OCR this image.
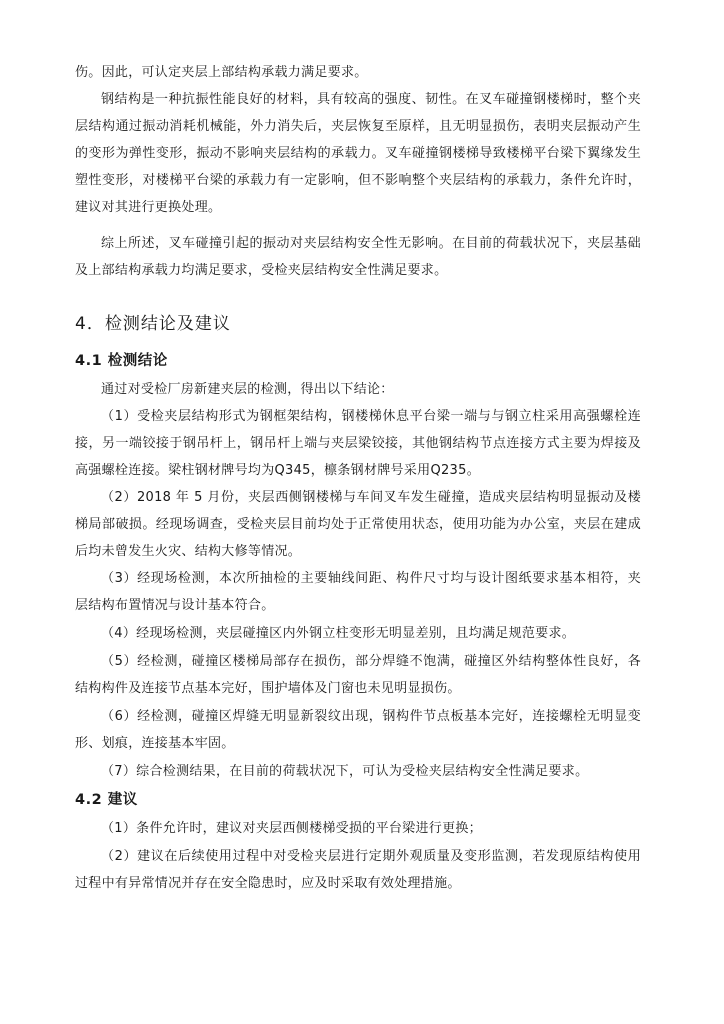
伤。因此，可认定夹层上部结构承载力满足要求。

钢结构是一种抗振性能良好的材料，具有较高的强度、韧性。在叉车碰撞钢楼梯时，整个夹层结构通过振动消耗机械能，外力消失后，夹层恢复至原样，且无明显损伤，表明夹层振动产生的变形为弹性变形，振动不影响夹层结构的承载力。叉车碰撞钢楼梯导致楼梯平台梁下翼缘发生塑性变形，对楼梯平台梁的承载力有一定影响，但不影响整个夹层结构的承载力，条件允许时，建议对其进行更换处理。

综上所述，叉车碰撞引起的振动对夹层结构安全性无影响。在目前的荷载状况下，夹层基础及上部结构承载力均满足要求，受检夹层结构安全性满足要求。

4．检测结论及建议
4.1 检测结论

通过对受检厂房新建夹层的检测，得出以下结论：

（1）受检夹层结构形式为钢框架结构，钢楼梯休息平台梁一端与与钢立柱采用高强螺栓连接，另一端铰接于钢吊杆上，钢吊杆上端与夹层梁铰接，其他钢结构节点连接方式主要为焊接及高强螺栓连接。梁柱钢材牌号均为Q345，檩条钢材牌号采用Q235。

（2）2018 年 5 月份，夹层西侧钢楼梯与车间叉车发生碰撞，造成夹层结构明显振动及楼梯局部破损。经现场调查，受检夹层目前均处于正常使用状态，使用功能为办公室，夹层在建成后均未曾发生火灾、结构大修等情况。

（3）经现场检测，本次所抽检的主要轴线间距、构件尺寸均与设计图纸要求基本相符，夹层结构布置情况与设计基本符合。

（4）经现场检测，夹层碰撞区内外钢立柱变形无明显差别，且均满足规范要求。

（5）经检测，碰撞区楼梯局部存在损伤，部分焊缝不饱满，碰撞区外结构整体性良好，各结构构件及连接节点基本完好，围护墙体及门窗也未见明显损伤。

（6）经检测，碰撞区焊缝无明显新裂纹出现，钢构件节点板基本完好，连接螺栓无明显变形、划痕，连接基本牢固。

（7）综合检测结果，在目前的荷载状况下，可认为受检夹层结构安全性满足要求。

4.2 建议

（1）条件允许时，建议对夹层西侧楼梯受损的平台梁进行更换；

（2）建议在后续使用过程中对受检夹层进行定期外观质量及变形监测，若发现原结构使用过程中有异常情况并存在安全隐患时，应及时采取有效处理措施。
